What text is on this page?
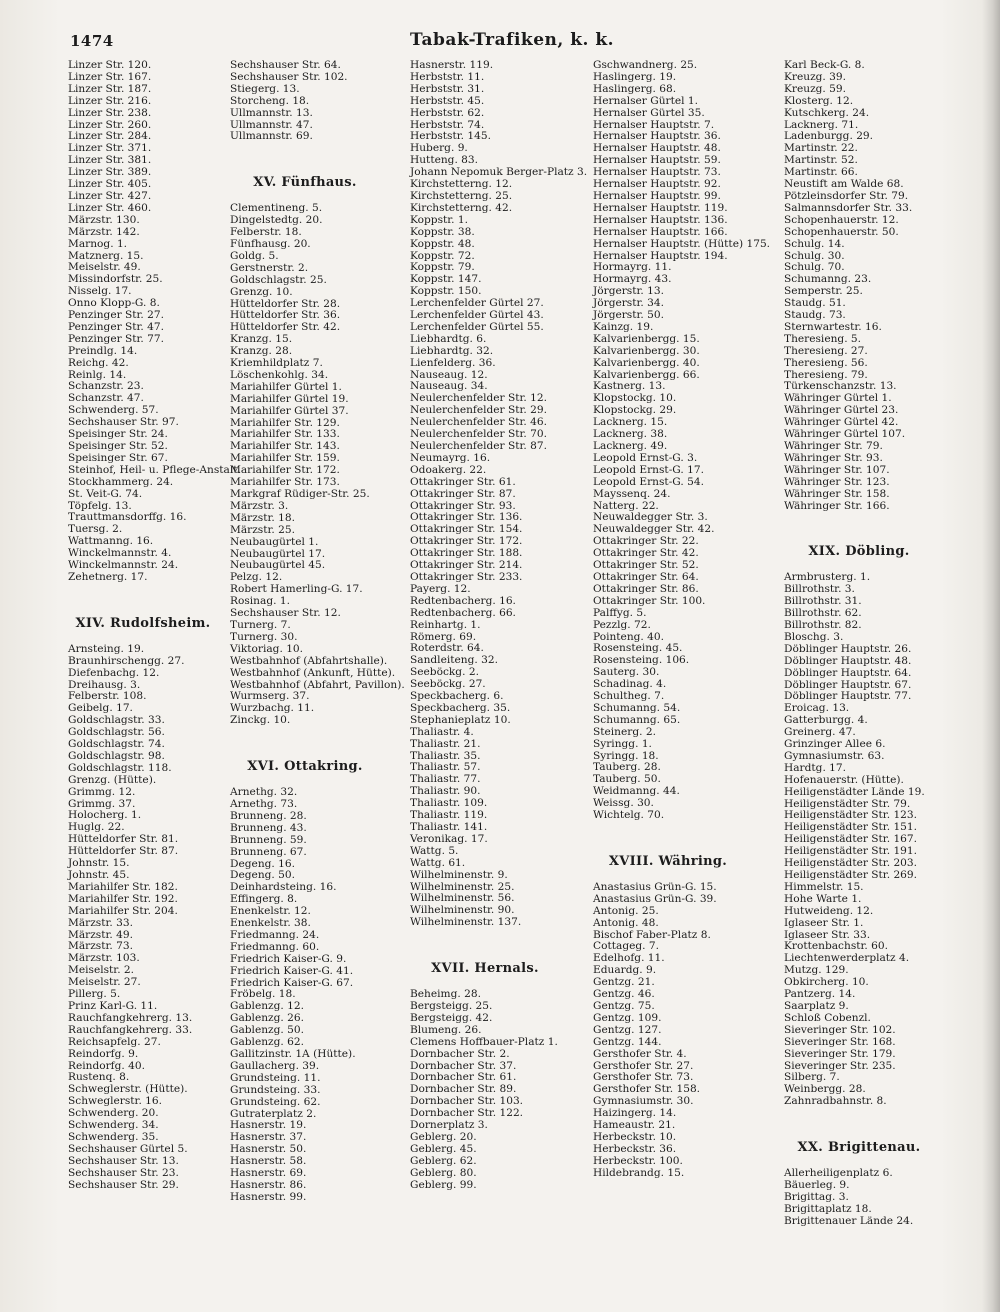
1474	Tabak-Trafiken, k. k.
Linzer Str. 120.
Linzer Str. 167.
Linzer Str. 187.
Linzer Str. 216.
Linzer Str. 238.
Linzer Str. 260.
Linzer Str. 284.
Linzer Str. 371.
Linzer Str. 381.
Linzer Str. 389.
Linzer Str. 405.
Linzer Str. 427.
Linzer Str. 460.
Märzstr. 130.
Märzstr. 142.
Marnog. 1.
Matznerg. 15.
Meiselstr. 49.
Missindorfstr. 25.
Nisselg. 17.
Onno Klopp-G. 8.
Penzinger Str. 27.
Penzinger Str. 47.
Penzinger Str. 77.
Preindlg. 14.
Reichg. 42.
Reinlg. 14.
Schanzstr. 23.
Schanzstr. 47.
Schwenderg. 57.
Sechshauser Str. 97.
Speisinger Str. 24.
Speisinger Str. 52.
Speisinger Str. 67.
Steinhof, Heil- u. Pflege-Anstalt.
Stockhammerg. 24.
St. Veit-G. 74.
Töpfelg. 13.
Trauttmansdorffg. 16.
Tuersg. 2.
Wattmanng. 16.
Winckelmannstr. 4.
Winckelmannstr. 24.
Zehetnerg. 17.
XIV. Rudolfsheim.
Arnsteing. 19.
Braunhirschengg. 27.
Diefenbachg. 12.
Dreihausg. 3.
Felberstr. 108.
Geibelg. 17.
Goldschlagstr. 33.
Goldschlagstr. 56.
Goldschlagstr. 74.
Goldschlagstr. 98.
Goldschlagstr. 118.
Grenzg. (Hütte).
Grimmg. 12.
Grimmg. 37.
Holocherg. 1.
Huglg. 22.
Hütteldorfer Str. 81.
Hütteldorfer Str. 87.
Johnstr. 15.
Johnstr. 45.
Mariahilfer Str. 182.
Mariahilfer Str. 192.
Mariahilfer Str. 204.
Märzstr. 33.
Märzstr. 49.
Märzstr. 73.
Märzstr. 103.
Meiselstr. 2.
Meiselstr. 27.
Pillerg. 5.
Prinz Karl-G. 11.
Rauchfangkehrerg. 13.
Rauchfangkehrerg. 33.
Reichsapfelg. 27.
Reindorfg. 9.
Reindorfg. 40.
Rustenq. 8.
Schweglerstr. (Hütte).
Schweglerstr. 16.
Schwenderg. 20.
Schwenderg. 34.
Schwenderg. 35.
Sechshauser Gürtel 5.
Sechshauser Str. 13.
Sechshauser Str. 23.
Sechshauser Str. 29.
Sechshauser Str. 64.
Sechshauser Str. 102.
Stiegerg. 13.
Storcheng. 18.
Ullmannstr. 13.
Ullmannstr. 47.
Ullmannstr. 69.
XV. Fünfhaus.
Clementineng. 5.
Dingelstedtg. 20.
Felberstr. 18.
Fünfhausg. 20.
Goldg. 5.
Gerstnerstr. 2.
Goldschlagstr. 25.
Grenzg. 10.
Hütteldorfer Str. 28.
Hütteldorfer Str. 36.
Hütteldorfer Str. 42.
Kranzg. 15.
Kranzg. 28.
Kriemhildplatz 7.
Löschenkohlg. 34.
Mariahilfer Gürtel 1.
Mariahilfer Gürtel 19.
Mariahilfer Gürtel 37.
Mariahilfer Str. 129.
Mariahilfer Str. 133.
Mariahilfer Str. 143.
Mariahilfer Str. 159.
Mariahilfer Str. 172.
Mariahilfer Str. 173.
Markgraf Rüdiger-Str. 25.
Märzstr. 3.
Märzstr. 18.
Märzstr. 25.
Neubaugürtel 1.
Neubaugürtel 17.
Neubaugürtel 45.
Pelzg. 12.
Robert Hamerling-G. 17.
Rosinag. 1.
Sechshauser Str. 12.
Turnerg. 7.
Turnerg. 30.
Viktoriag. 10.
Westbahnhof (Abfahrtshalle).
Westbahnhof (Ankunft, Hütte).
Westbahnhof (Abfahrt, Pavillon).
Wurmserg. 37.
Wurzbachg. 11.
Zinckg. 10.
XVI. Ottakring.
Arnethg. 32.
Arnethg. 73.
Brunneng. 28.
Brunneng. 43.
Brunneng. 59.
Brunneng. 67.
Degeng. 16.
Degeng. 50.
Deinhardsteing. 16.
Effingerg. 8.
Enenkelstr. 12.
Enenkelstr. 38.
Friedmanng. 24.
Friedmanng. 60.
Friedrich Kaiser-G. 9.
Friedrich Kaiser-G. 41.
Friedrich Kaiser-G. 67.
Fröbelg. 18.
Gablenzg. 12.
Gablenzg. 26.
Gablenzg. 50.
Gablenzg. 62.
Gallitzinstr. 1A (Hütte).
Gaullacherg. 39.
Grundsteing. 11.
Grundsteing. 33.
Grundsteing. 62.
Gutraterplatz 2.
Hasnerstr. 19.
Hasnerstr. 37.
Hasnerstr. 50.
Hasnerstr. 58.
Hasnerstr. 69.
Hasnerstr. 86.
Hasnerstr. 99.
Hasnerstr. 119.
Herbststr. 11.
Herbststr. 31.
Herbststr. 45.
Herbststr. 62.
Herbststr. 74.
Herbststr. 145.
Huberg. 9.
Hutteng. 83.
Johann Nepomuk Berger-Platz 3.
Kirchstetterng. 12.
Kirchstetterng. 25.
Kirchstetterng. 42.
Koppstr. 1.
Koppstr. 38.
Koppstr. 48.
Koppstr. 72.
Koppstr. 79.
Koppstr. 147.
Koppstr. 150.
Lerchenfelder Gürtel 27.
Lerchenfelder Gürtel 43.
Lerchenfelder Gürtel 55.
Liebhardtg. 6.
Liebhardtg. 32.
Lienfelderg. 36.
Nauseaug. 12.
Nauseaug. 34.
Neulerchenfelder Str. 12.
Neulerchenfelder Str. 29.
Neulerchenfelder Str. 46.
Neulerchenfelder Str. 70.
Neulerchenfelder Str. 87.
Neumayrg. 16.
Odoakerg. 22.
Ottakringer Str. 61.
Ottakringer Str. 87.
Ottakringer Str. 93.
Ottakringer Str. 136.
Ottakringer Str. 154.
Ottakringer Str. 172.
Ottakringer Str. 188.
Ottakringer Str. 214.
Ottakringer Str. 233.
Payerg. 12.
Redtenbacherg. 16.
Redtenbacherg. 66.
Reinhartg. 1.
Römerg. 69.
Roterdstr. 64.
Sandleiteng. 32.
Seeböckg. 2.
Seeböckg. 27.
Speckbacherg. 6.
Speckbacherg. 35.
Stephaniеplatz 10.
Thaliastr. 4.
Thaliastr. 21.
Thaliastr. 35.
Thaliastr. 57.
Thaliastr. 77.
Thaliastr. 90.
Thaliastr. 109.
Thaliastr. 119.
Thaliastr. 141.
Veronikag. 17.
Wattg. 5.
Wattg. 61.
Wilhelminenstr. 9.
Wilhelminenstr. 25.
Wilhelminenstr. 56.
Wilhelminenstr. 90.
Wilhelminenstr. 137.
XVII. Hernals.
Beheimg. 28.
Bergsteigg. 25.
Bergsteigg. 42.
Blumeng. 26.
Clemens Hoffbauer-Platz 1.
Dornbacher Str. 2.
Dornbacher Str. 37.
Dornbacher Str. 61.
Dornbacher Str. 89.
Dornbacher Str. 103.
Dornbacher Str. 122.
Dornerplatz 3.
Geblerg. 20.
Geblerg. 45.
Geblerg. 62.
Geblerg. 80.
Geblerg. 99.
Gschwandnerg. 25.
Haslingerg. 19.
Haslingerg. 68.
Hernalser Gürtel 1.
Hernalser Gürtel 35.
Hernalser Hauptstr. 7.
Hernalser Hauptstr. 36.
Hernalser Hauptstr. 48.
Hernalser Hauptstr. 59.
Hernalser Hauptstr. 73.
Hernalser Hauptstr. 92.
Hernalser Hauptstr. 99.
Hernalser Hauptstr. 119.
Hernalser Hauptstr. 136.
Hernalser Hauptstr. 166.
Hernalser Hauptstr. (Hütte) 175.
Hernalser Hauptstr. 194.
Hormayrg. 11.
Hormayrg. 43.
Jörgerstr. 13.
Jörgerstr. 34.
Jörgerstr. 50.
Kainzg. 19.
Kalvarienbergg. 15.
Kalvarienbergg. 30.
Kalvarienbergg. 40.
Kalvarienbergg. 66.
Kastnerg. 13.
Klopstockg. 10.
Klopstockg. 29.
Lacknerg. 15.
Lacknerg. 38.
Lacknerg. 49.
Leopold Ernst-G. 3.
Leopold Ernst-G. 17.
Leopold Ernst-G. 54.
Mayssenq. 24.
Natterg. 22.
Neuwaldegger Str. 3.
Neuwaldegger Str. 42.
Ottakringer Str. 22.
Ottakringer Str. 42.
Ottakringer Str. 52.
Ottakringer Str. 64.
Ottakringer Str. 86.
Ottakringer Str. 100.
Palffyg. 5.
Pezzlg. 72.
Pointeng. 40.
Rosensteing. 45.
Rosensteing. 106.
Sauterg. 30.
Schadinag. 4.
Schultheg. 7.
Schumanng. 54.
Schumanng. 65.
Steinerg. 2.
Syringg. 1.
Syringg. 18.
Tauberg. 28.
Tauberg. 50.
Weidmanng. 44.
Weissg. 30.
Wichtelg. 70.
XVIII. Währing.
Anastasius Grün-G. 15.
Anastasius Grün-G. 39.
Antonig. 25.
Antonig. 48.
Bischof Faber-Platz 8.
Cottageg. 7.
Edelhofg. 11.
Eduardg. 9.
Gentzg. 21.
Gentzg. 46.
Gentzg. 75.
Gentzg. 109.
Gentzg. 127.
Gentzg. 144.
Gersthofer Str. 4.
Gersthofer Str. 27.
Gersthofer Str. 73.
Gersthofer Str. 158.
Gymnasiumstr. 30.
Haizingerg. 14.
Hameaustr. 21.
Herbeckstr. 10.
Herbeckstr. 36.
Herbeckstr. 100.
Hildebrandg. 15.
Karl Beck-G. 8.
Kreuzg. 39.
Kreuzg. 59.
Klosterg. 12.
Kutschkerg. 24.
Lacknerg. 71.
Ladenburgg. 29.
Martinstr. 22.
Martinstr. 52.
Martinstr. 66.
Neustift am Walde 68.
Pötzleinsdorfer Str. 79.
Salmannsdorfer Str. 33.
Schopenhauerstr. 12.
Schopenhauerstr. 50.
Schulg. 14.
Schulg. 30.
Schulg. 70.
Schumanng. 23.
Semperstr. 25.
Staudg. 51.
Staudg. 73.
Sternwartestr. 16.
Theresieng. 5.
Theresieng. 27.
Theresieng. 56.
Theresieng. 79.
Türkenschanzstr. 13.
Währinger Gürtel 1.
Währinger Gürtel 23.
Währinger Gürtel 42.
Währinger Gürtel 107.
Währinger Str. 79.
Währinger Str. 93.
Währinger Str. 107.
Währinger Str. 123.
Währinger Str. 158.
Währinger Str. 166.
XIX. Döbling.
Armbrusterg. 1.
Billrothstr. 3.
Billrothstr. 31.
Billrothstr. 62.
Billrothstr. 82.
Bloschg. 3.
Döblinger Hauptstr. 26.
Döblinger Hauptstr. 48.
Döblinger Hauptstr. 64.
Döblinger Hauptstr. 67.
Döblinger Hauptstr. 77.
Eroicag. 13.
Gatterburgg. 4.
Greinerg. 47.
Grinzinger Allee 6.
Gymnasiumstr. 63.
Hardtg. 17.
Hofenauerstr. (Hütte).
Heiligenstädter Lände 19.
Heiligenstädter Str. 79.
Heiligenstädter Str. 123.
Heiligenstädter Str. 151.
Heiligenstädter Str. 167.
Heiligenstädter Str. 191.
Heiligenstädter Str. 203.
Heiligenstädter Str. 269.
Himmelstr. 15.
Hohe Warte 1.
Hutweideng. 12.
Iglaseer Str. 1.
Iglaseer Str. 33.
Krottenbachstr. 60.
Liechtenwerderplatz 4.
Mutzg. 129.
Obkircherg. 10.
Pantzerg. 14.
Saarplatz 9.
Schloß Cobenzl.
Sieveringer Str. 102.
Sieveringer Str. 168.
Sieveringer Str. 179.
Sieveringer Str. 235.
Silberg. 7.
Weinbergg. 28.
Zahnradbahnstr. 8.
XX. Brigittenau.
Allerheiligenplatz 6.
Bäuerleg. 9.
Brigittag. 3.
Brigittaplatz 18.
Brigittenauer Lände 24.
